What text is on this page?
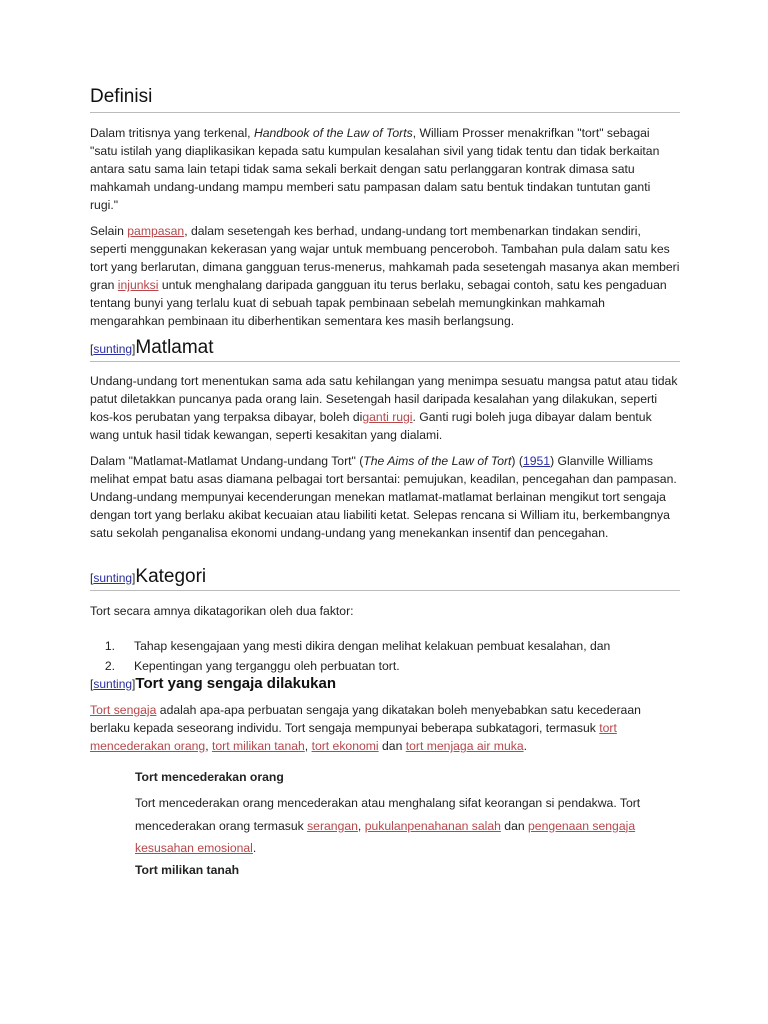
Definisi

Dalam tritisnya yang terkenal, Handbook of the Law of Torts, William Prosser menakrifkan "tort" sebagai "satu istilah yang diaplikasikan kepada satu kumpulan kesalahan sivil yang tidak tentu dan tidak berkaitan antara satu sama lain tetapi tidak sama sekali berkait dengan satu perlanggaran kontrak dimasa satu mahkamah undang-undang mampu memberi satu pampasan dalam satu bentuk tindakan tuntutan ganti rugi."

Selain pampasan, dalam sesetengah kes berhad, undang-undang tort membenarkan tindakan sendiri, seperti menggunakan kekerasan yang wajar untuk membuang penceroboh. Tambahan pula dalam satu kes tort yang berlarutan, dimana gangguan terus-menerus, mahkamah pada sesetengah masanya akan memberi gran injunksi untuk menghalang daripada gangguan itu terus berlaku, sebagai contoh, satu kes pengaduan tentang bunyi yang terlalu kuat di sebuah tapak pembinaan sebelah memungkinkan mahkamah mengarahkan pembinaan itu diberhentikan sementara kes masih berlangsung.

[sunting]Matlamat

Undang-undang tort menentukan sama ada satu kehilangan yang menimpa sesuatu mangsa patut atau tidak patut diletakkan puncanya pada orang lain. Sesetengah hasil daripada kesalahan yang dilakukan, seperti kos-kos perubatan yang terpaksa dibayar, boleh diganti rugi. Ganti rugi boleh juga dibayar dalam bentuk wang untuk hasil tidak kewangan, seperti kesakitan yang dialami.

Dalam "Matlamat-Matlamat Undang-undang Tort" (The Aims of the Law of Tort) (1951) Glanville Williams melihat empat batu asas diamana pelbagai tort bersantai: pemujukan, keadilan, pencegahan dan pampasan. Undang-undang mempunyai kecenderungan menekan matlamat-matlamat berlainan mengikut tort sengaja dengan tort yang berlaku akibat kecuaian atau liabiliti ketat. Selepas rencana si William itu, berkembangnya satu sekolah penganalisa ekonomi undang-undang yang menekankan insentif dan pencegahan.

[sunting]Kategori

Tort secara amnya dikatagorikan oleh dua faktor:

1. Tahap kesengajaan yang mesti dikira dengan melihat kelakuan pembuat kesalahan, dan
2. Kepentingan yang terganggu oleh perbuatan tort.
[sunting]Tort yang sengaja dilakukan

Tort sengaja adalah apa-apa perbuatan sengaja yang dikatakan boleh menyebabkan satu kecederaan berlaku kepada seseorang individu. Tort sengaja mempunyai beberapa subkatagori, termasuk tort mencederakan orang, tort milikan tanah, tort ekonomi dan tort menjaga air muka.

Tort mencederakan orang

Tort mencederakan orang mencederakan atau menghalang sifat keorangan si pendakwa. Tort mencederakan orang termasuk serangan, pukulanpenahanan salah dan pengenaan sengaja kesusahan emosional.

Tort milikan tanah
